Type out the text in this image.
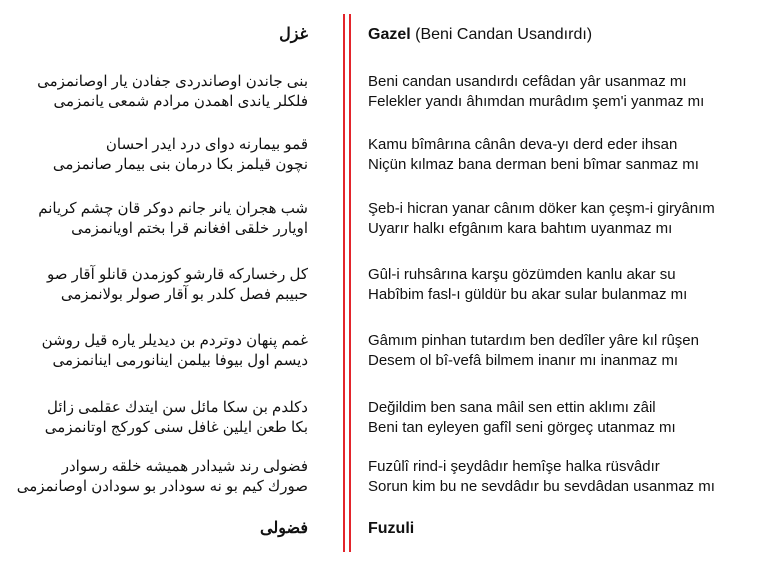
غزل	Gazel (Beni Candan Usandırdı)
بنی جاندن اوصاندردی جفادن یار اوصانمزمی	Beni candan usandırdı cefâdan yâr usanmaz mı
فلکلر یاندی اهمدن مرادم شمعی یانمزمی	Felekler yandı âhımdan murâdım şem'i yanmaz mı
قمو بیمارنه دوای درد ایدر احسان	Kamu bîmârına cânân deva-yı derd eder ihsan
نچون قیلمز بکا درمان بنی بیمار صانمزمی	Niçün kılmaz bana derman beni bîmar sanmaz mı
شب هجران یانر جانم دوکر قان چشم کریانم	Şeb-i hicran yanar cânım döker kan çeşm-i giryânım
اویارر خلقی افغانم قرا بختم اویانمزمی	Uyarır halkı efgânım kara bahtım uyanmaz mı
کل رخسارکه قارشو کوزمدن قانلو آقار صو	Gûl-i ruhsârına karşu gözümden kanlu akar su
حبیبم فصل کلدر بو آقار صولر بولانمزمی	Habîbim fasl-ı güldür bu akar sular bulanmaz mı
غمم پنهان دوتردم بن دیدیلر یاره قیل روشن	Gâmım pinhan tutardım ben dedîler yâre kıl rûşen
دیسم اول بیوفا بیلمن اینانورمی اینانمزمی	Desem ol bî-vefâ bilmem inanır mı inanmaz mı
دکلدم بن سکا مائل سن ایتدك عقلمی زائل	Değildim ben sana mâil sen ettin aklımı zâil
بکا طعن ایلین غافل سنی کورکج اوتانمزمی	Beni tan eyleyen gafîl seni görgeç utanmaz mı
فضولی رند شیدادر همیشه خلقه رسوادر	Fuzûlî rind-i şeydâdır hemîşe halka rüsvâdır
صورك کیم بو نه سودادر بو سودادن اوصانمزمی	Sorun kim bu ne sevdâdır bu sevdâdan usanmaz mı
فضولی	Fuzuli
